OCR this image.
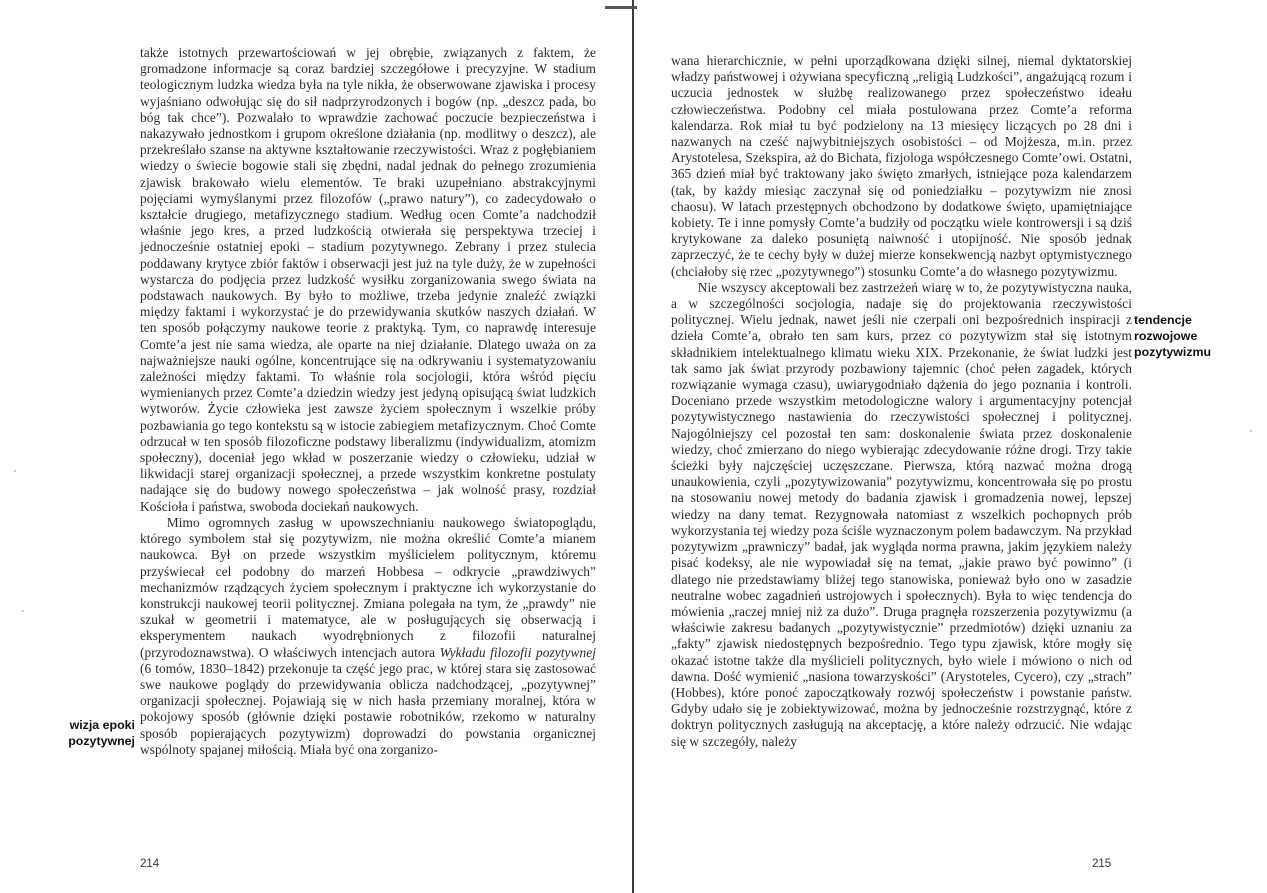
także istotnych przewartościowań w jej obrębie, związanych z faktem, że gromadzone informacje są coraz bardziej szczegółowe i precyzyjne. W stadium teologicznym ludzka wiedza była na tyle nikła, że obserwowane zjawiska i procesy wyjaśniano odwołując się do sił nadprzyrodzonych i bogów (np. „deszcz pada, bo bóg tak chce”). Pozwalało to wprawdzie zachować poczucie bezpieczeństwa i nakazywało jednostkom i grupom określone działania (np. modlitwy o deszcz), ale przekreślało szanse na aktywne kształtowanie rzeczywistości. Wraz z pogłębianiem wiedzy o świecie bogowie stali się zbędni, nadal jednak do pełnego zrozumienia zjawisk brakowało wielu elementów. Te braki uzupełniano abstrakcyjnymi pojęciami wymyślanymi przez filozofów („prawo natury”), co zadecydowało o kształcie drugiego, metafizycznego stadium. Według ocen Comte’a nadchodził właśnie jego kres, a przed ludzkością otwierała się perspektywa trzeciej i jednocześnie ostatniej epoki – stadium pozytywnego. Zebrany i przez stulecia poddawany krytyce zbiór faktów i obserwacji jest już na tyle duży, że w zupełności wystarcza do podjęcia przez ludzkość wysiłku zorganizowania swego świata na podstawach naukowych. By było to możliwe, trzeba jedynie znaleźć związki między faktami i wykorzystać je do przewidywania skutków naszych działań. W ten sposób połączymy naukowe teorie z praktyką. Tym, co naprawdę interesuje Comte’a jest nie sama wiedza, ale oparte na niej działanie. Dlatego uważa on za najważniejsze nauki ogólne, koncentrujące się na odkrywaniu i systematyzowaniu zależności między faktami. To właśnie rola socjologii, która wśród pięciu wymienianych przez Comte’a dziedzin wiedzy jest jedyną opisującą świat ludzkich wytworów. Życie człowieka jest zawsze życiem społecznym i wszelkie próby pozbawiania go tego kontekstu są w istocie zabiegiem metafizycznym. Choć Comte odrzucał w ten sposób filozoficzne podstawy liberalizmu (indywidualizm, atomizm społeczny), doceniał jego wkład w poszerzanie wiedzy o człowieku, udział w likwidacji starej organizacji społecznej, a przede wszystkim konkretne postulaty nadające się do budowy nowego społeczeństwa – jak wolność prasy, rozdział Kościoła i państwa, swoboda dociekań naukowych.

Mimo ogromnych zasług w upowszechnianiu naukowego światopoglądu, którego symbolem stał się pozytywizm, nie można określić Comte’a mianem naukowca. Był on przede wszystkim myślicielem politycznym, któremu przyświecał cel podobny do marzeń Hobbesa – odkrycie „prawdziwych” mechanizmów rządzących życiem społecznym i praktyczne ich wykorzystanie do konstrukcji naukowej teorii politycznej. Zmiana polegała na tym, że „prawdy” nie szukał w geometrii i matematyce, ale w posługujących się obserwacją i eksperymentem naukach wyodrębnionych z filozofii naturalnej (przyrodoznawstwa). O właściwych intencjach autora Wykładu filozofii pozytywnej (6 tomów, 1830–1842) przekonuje ta część jego prac, w której stara się zastosować swe naukowe poglądy do przewidywania oblicza nadchodzącej, „pozytywnej” organizacji społecznej. Pojawiają się w nich hasła przemiany moralnej, która w pokojowy sposób (głównie dzięki postawie robotników, rzekomo w naturalny sposób popierających pozytywizm) doprowadzi do powstania organicznej wspólnoty spajanej miłością. Miała być ona zorganizo-

wizja epoki pozytywnej
214

wana hierarchicznie, w pełni uporządkowana dzięki silnej, niemal dyktatorskiej władzy państwowej i ożywiana specyficzną „religią Ludzkości”, angażującą rozum i uczucia jednostek w służbę realizowanego przez społeczeństwo ideału człowieczeństwa. Podobny cel miała postulowana przez Comte’a reforma kalendarza. Rok miał tu być podzielony na 13 miesięcy liczących po 28 dni i nazwanych na cześć najwybitniejszych osobistości – od Mojżesza, m.in. przez Arystotelesa, Szekspira, aż do Bichata, fizjologa współczesnego Comte’owi. Ostatni, 365 dzień miał być traktowany jako święto zmarłych, istniejące poza kalendarzem (tak, by każdy miesiąc zaczynał się od poniedziałku – pozytywizm nie znosi chaosu). W latach przestępnych obchodzono by dodatkowe święto, upamiętniające kobiety. Te i inne pomysły Comte’a budziły od początku wiele kontrowersji i są dziś krytykowane za daleko posuniętą naiwność i utopijność. Nie sposób jednak zaprzeczyć, że te cechy były w dużej mierze konsekwencją nazbyt optymistycznego (chciałoby się rzec „pozytywnego”) stosunku Comte’a do własnego pozytywizmu.

Nie wszyscy akceptowali bez zastrzeżeń wiarę w to, że pozytywistyczna nauka, a w szczególności socjologia, nadaje się do projektowania rzeczywistości politycznej. Wielu jednak, nawet jeśli nie czerpali oni bezpośrednich inspiracji z dzieła Comte’a, obrało ten sam kurs, przez co pozytywizm stał się istotnym składnikiem intelektualnego klimatu wieku XIX. Przekonanie, że świat ludzki jest tak samo jak świat przyrody pozbawiony tajemnic (choć pełen zagadek, których rozwiązanie wymaga czasu), uwiarygodniało dążenia do jego poznania i kontroli. Doceniano przede wszystkim metodologiczne walory i argumentacyjny potencjał pozytywistycznego nastawienia do rzeczywistości społecznej i politycznej. Najogólniejszy cel pozostał ten sam: doskonalenie świata przez doskonalenie wiedzy, choć zmierzano do niego wybierając zdecydowanie różne drogi. Trzy takie ścieżki były najczęściej uczęszczane. Pierwsza, którą nazwać można drogą unaukowienia, czyli „pozytywizowania” pozytywizmu, koncentrowała się po prostu na stosowaniu nowej metody do badania zjawisk i gromadzenia nowej, lepszej wiedzy na dany temat. Rezygnowała natomiast z wszelkich pochopnych prób wykorzystania tej wiedzy poza ściśle wyznaczonym polem badawczym. Na przykład pozytywizm „prawniczy” badał, jak wygląda norma prawna, jakim językiem należy pisać kodeksy, ale nie wypowiadał się na temat, „jakie prawo być powinno” (i dlatego nie przedstawiamy bliżej tego stanowiska, ponieważ było ono w zasadzie neutralne wobec zagadnień ustrojowych i społecznych). Była to więc tendencja do mówienia „raczej mniej niż za dużo”. Druga pragnęła rozszerzenia pozytywizmu (a właściwie zakresu badanych „pozytywistycznie” przedmiotów) dzięki uznaniu za „fakty” zjawisk niedostępnych bezpośrednio. Tego typu zjawisk, które mogły się okazać istotne także dla myślicieli politycznych, było wiele i mówiono o nich od dawna. Dość wymienić „nasiona towarzyskości” (Arystoteles, Cycero), czy „strach” (Hobbes), które ponoć zapoczątkowały rozwój społeczeństw i powstanie państw. Gdyby udało się je zobiektywizować, można by jednocześnie rozstrzygnąć, które z doktryn politycznych zasługują na akceptację, a które należy odrzucić. Nie wdając się w szczegóły, należy

tendencje rozwojowe pozytywizmu
215
